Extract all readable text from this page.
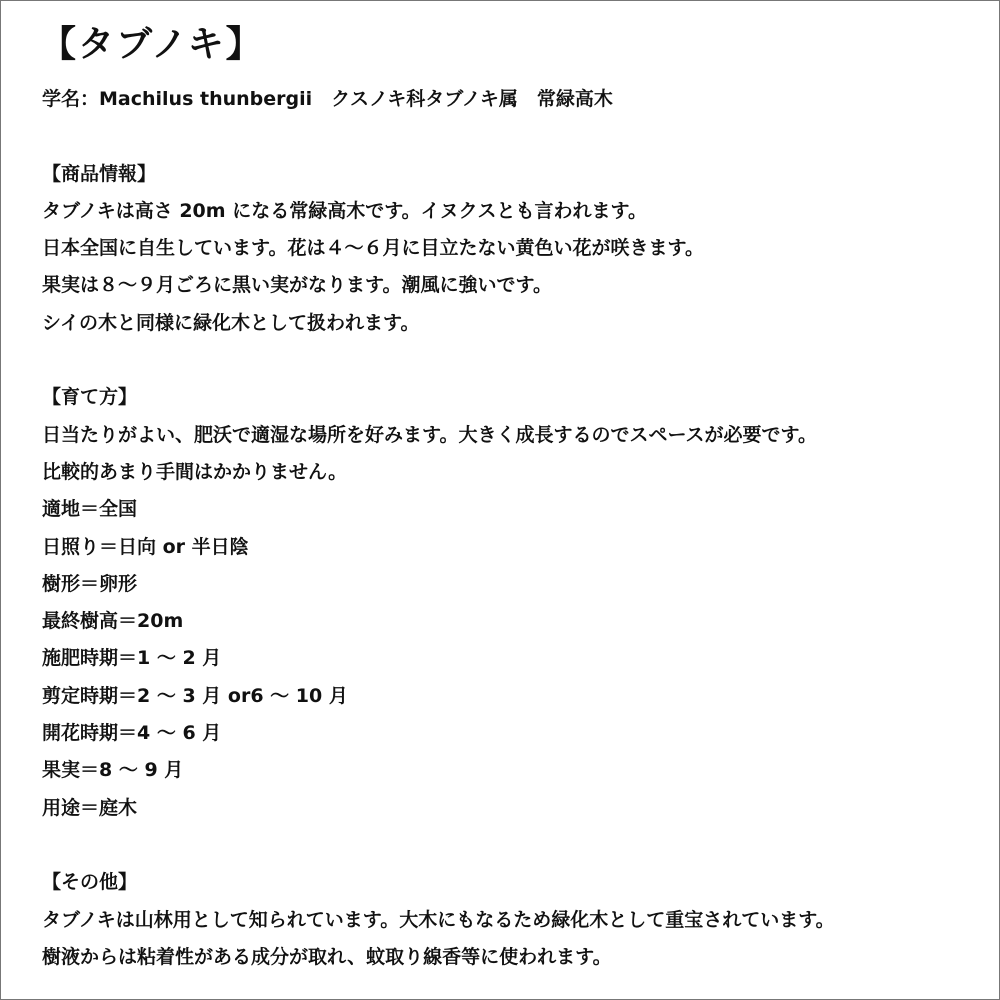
【タブノキ】
学名：Machilus thunbergii　クスノキ科タブノキ属　常緑高木
【商品情報】
タブノキは高さ 20m になる常緑高木です。イヌクスとも言われます。
日本全国に自生しています。花は４～６月に目立たない黄色い花が咲きます。
果実は８～９月ごろに黒い実がなります。潮風に強いです。
シイの木と同様に緑化木として扱われます。
【育て方】
日当たりがよい、肥沃で適湿な場所を好みます。大きく成長するのでスペースが必要です。
比較的あまり手間はかかりません。
適地＝全国
日照り＝日向 or 半日陰
樹形＝卵形
最終樹高＝20m
施肥時期＝1 ～ 2 月
剪定時期＝2 ～ 3 月 or6 ～ 10 月
開花時期＝4 ～ 6 月
果実＝8 ～ 9 月
用途＝庭木
【その他】
タブノキは山林用として知られています。大木にもなるため緑化木として重宝されています。
樹液からは粘着性がある成分が取れ、蚊取り線香等に使われます。
